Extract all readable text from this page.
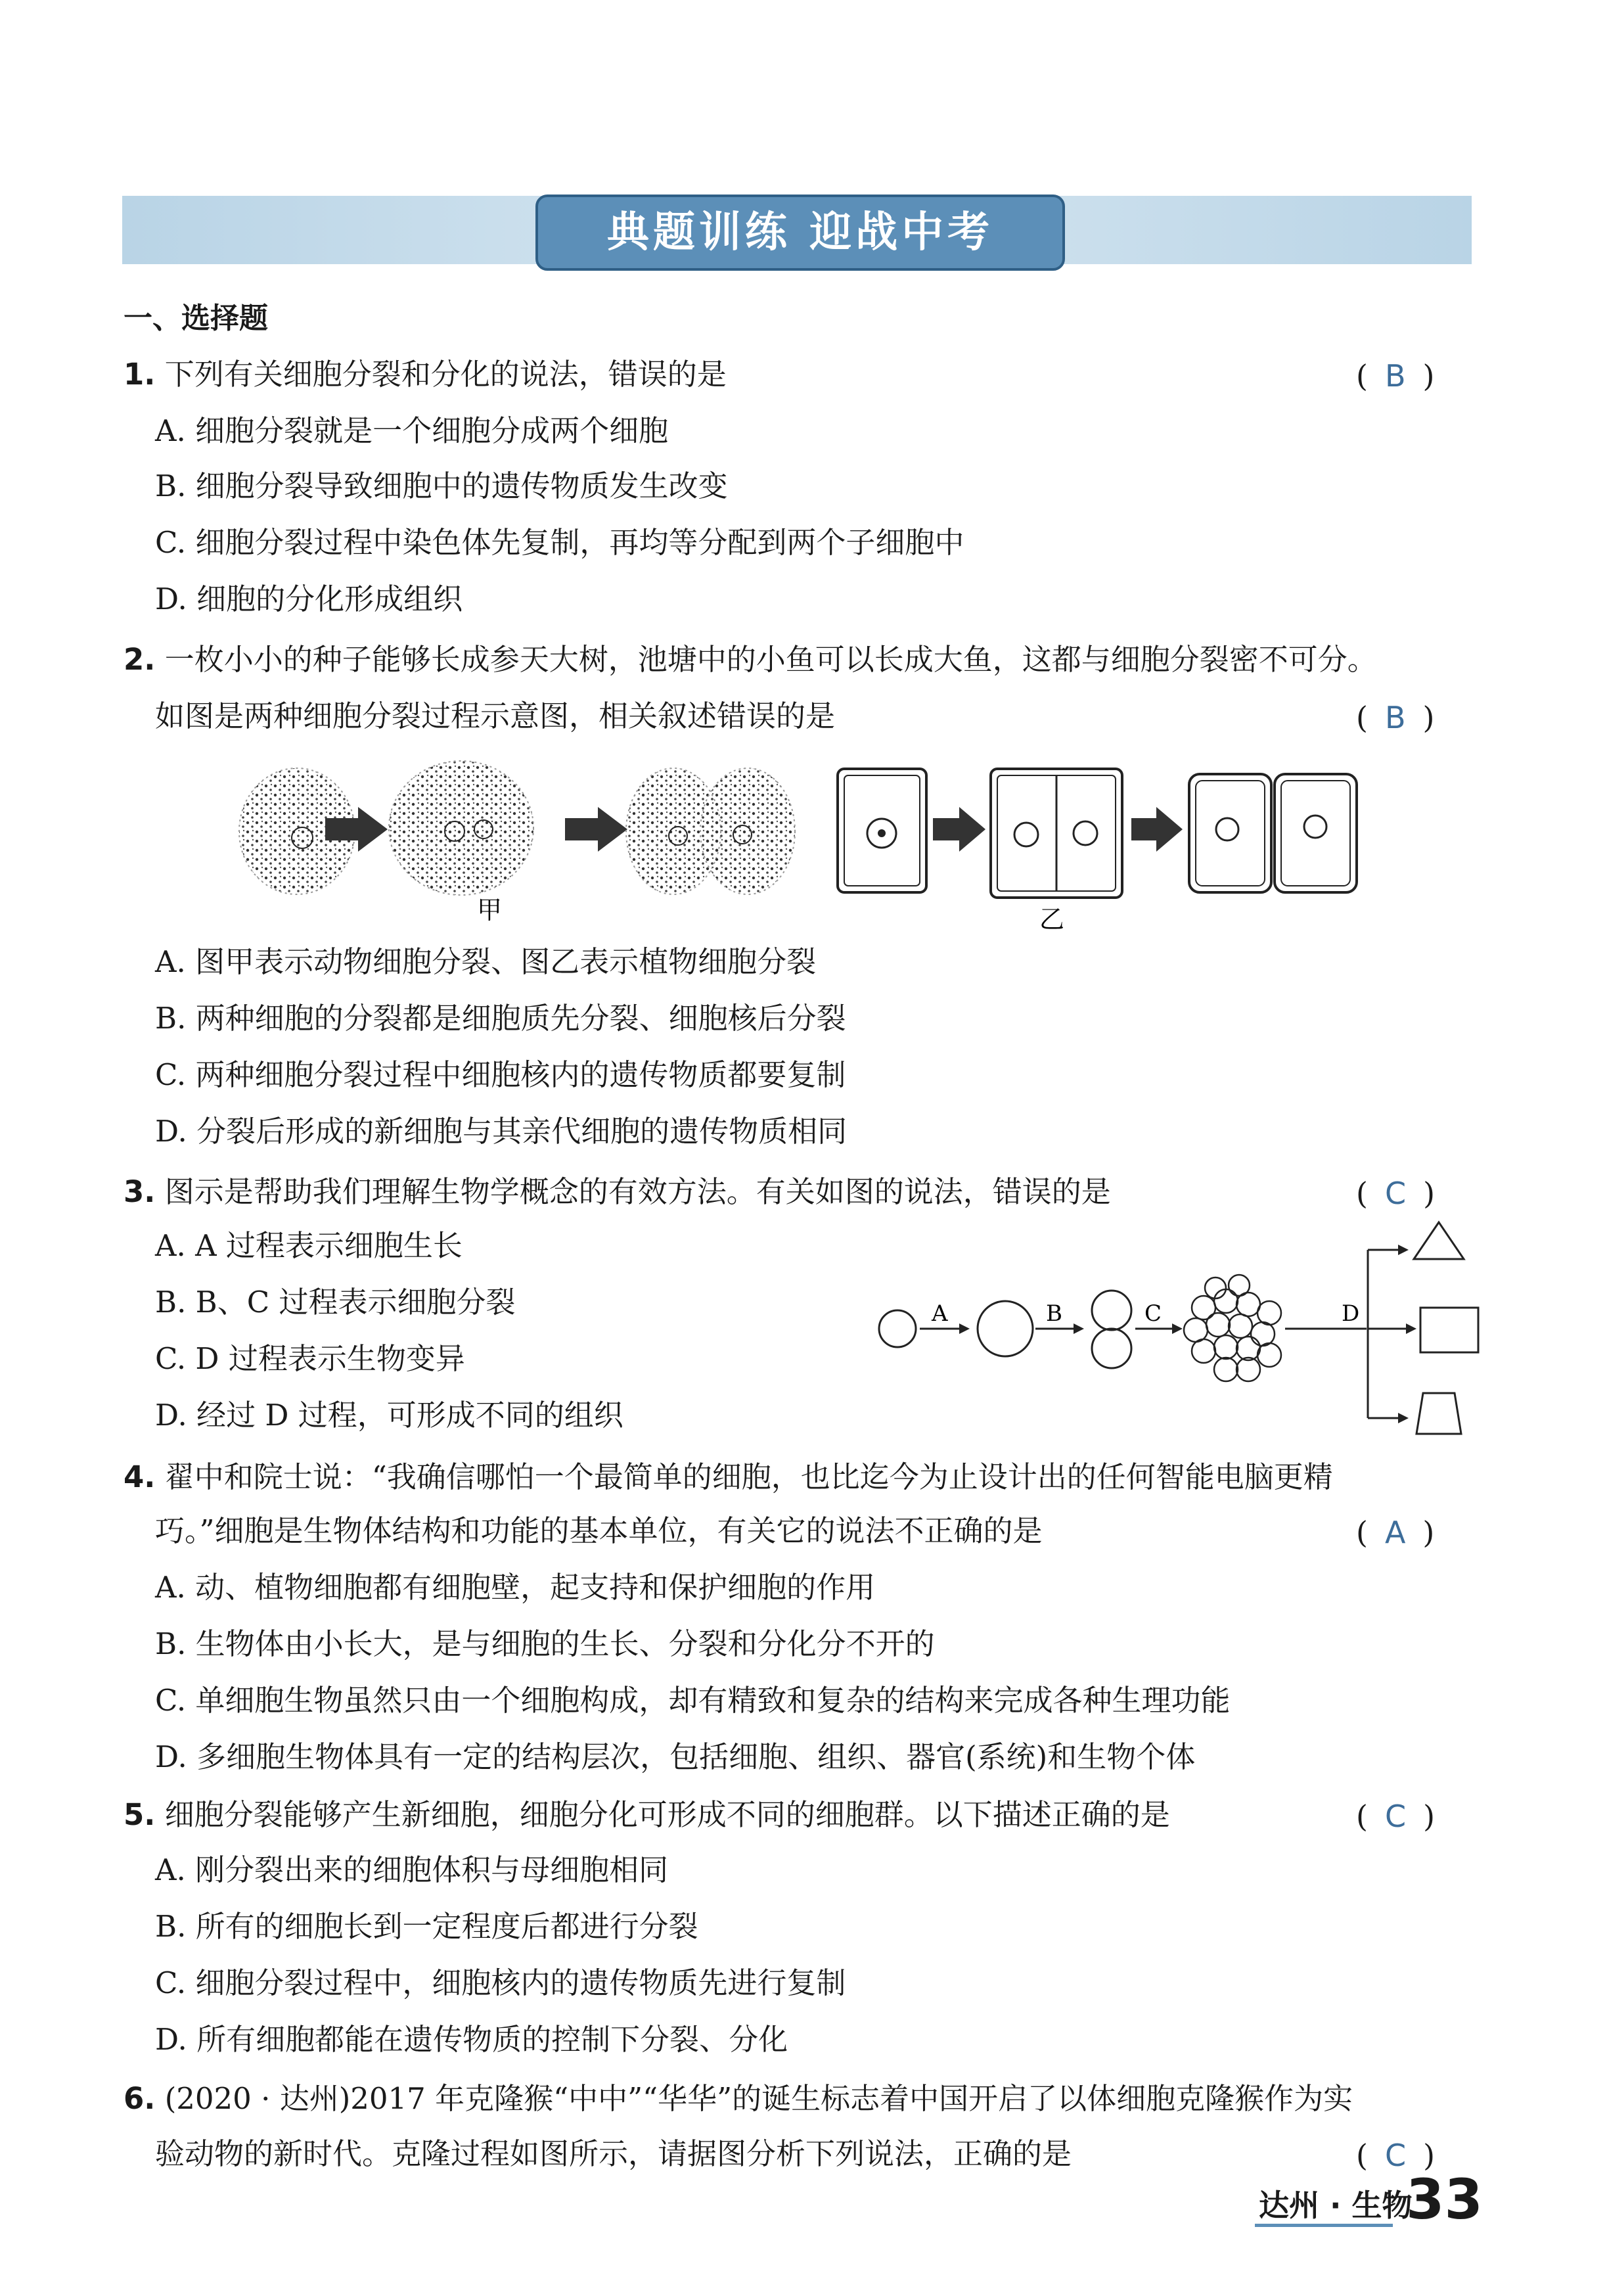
典题训练 迎战中考
一、选择题
1. 下列有关细胞分裂和分化的说法，错误的是	( B )
A. 细胞分裂就是一个细胞分成两个细胞
B. 细胞分裂导致细胞中的遗传物质发生改变
C. 细胞分裂过程中染色体先复制，再均等分配到两个子细胞中
D. 细胞的分化形成组织
2. 一枚小小的种子能够长成参天大树，池塘中的小鱼可以长成大鱼，这都与细胞分裂密不可分。
如图是两种细胞分裂过程示意图，相关叙述错误的是	( B )
甲	乙
A. 图甲表示动物细胞分裂、图乙表示植物细胞分裂
B. 两种细胞的分裂都是细胞质先分裂、细胞核后分裂
C. 两种细胞分裂过程中细胞核内的遗传物质都要复制
D. 分裂后形成的新细胞与其亲代细胞的遗传物质相同
3. 图示是帮助我们理解生物学概念的有效方法。有关如图的说法，错误的是	( C )
A. A 过程表示细胞生长
B. B、C 过程表示细胞分裂
C. D 过程表示生物变异
D. 经过 D 过程，可形成不同的组织
A	B	C	D
4. 翟中和院士说：“我确信哪怕一个最简单的细胞，也比迄今为止设计出的任何智能电脑更精
巧。”细胞是生物体结构和功能的基本单位，有关它的说法不正确的是	( A )
A. 动、植物细胞都有细胞壁，起支持和保护细胞的作用
B. 生物体由小长大，是与细胞的生长、分裂和分化分不开的
C. 单细胞生物虽然只由一个细胞构成，却有精致和复杂的结构来完成各种生理功能
D. 多细胞生物体具有一定的结构层次，包括细胞、组织、器官(系统)和生物个体
5. 细胞分裂能够产生新细胞，细胞分化可形成不同的细胞群。以下描述正确的是	( C )
A. 刚分裂出来的细胞体积与母细胞相同
B. 所有的细胞长到一定程度后都进行分裂
C. 细胞分裂过程中，细胞核内的遗传物质先进行复制
D. 所有细胞都能在遗传物质的控制下分裂、分化
6. (2020 · 达州)2017 年克隆猴“中中”“华华”的诞生标志着中国开启了以体细胞克隆猴作为实
验动物的新时代。克隆过程如图所示，请据图分析下列说法，正确的是	( C )
达州 · 生物
33
